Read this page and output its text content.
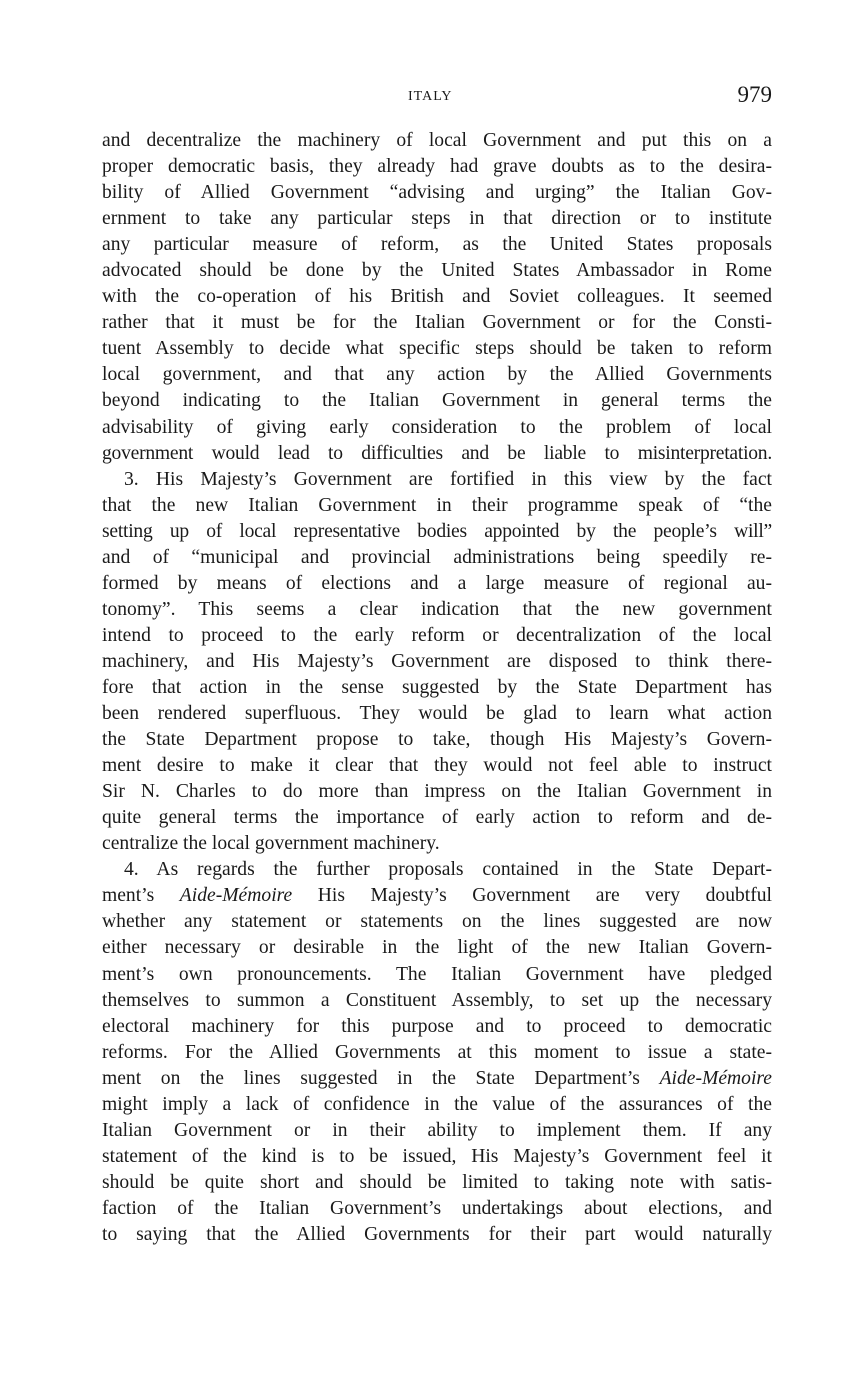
ITALY	979
and decentralize the machinery of local Government and put this on a
proper democratic basis, they already had grave doubts as to the desira-
bility of Allied Government “advising and urging” the Italian Gov-
ernment to take any particular steps in that direction or to institute
any particular measure of reform, as the United States proposals
advocated should be done by the United States Ambassador in Rome
with the co-operation of his British and Soviet colleagues. It seemed
rather that it must be for the Italian Government or for the Consti-
tuent Assembly to decide what specific steps should be taken to reform
local government, and that any action by the Allied Governments
beyond indicating to the Italian Government in general terms the
advisability of giving early consideration to the problem of local
government would lead to difficulties and be liable to misinterpretation.
3. His Majesty’s Government are fortified in this view by the fact
that the new Italian Government in their programme speak of “the
setting up of local representative bodies appointed by the people’s will”
and of “municipal and provincial administrations being speedily re-
formed by means of elections and a large measure of regional au-
tonomy”. This seems a clear indication that the new government
intend to proceed to the early reform or decentralization of the local
machinery, and His Majesty’s Government are disposed to think there-
fore that action in the sense suggested by the State Department has
been rendered superfluous. They would be glad to learn what action
the State Department propose to take, though His Majesty’s Govern-
ment desire to make it clear that they would not feel able to instruct
Sir N. Charles to do more than impress on the Italian Government in
quite general terms the importance of early action to reform and de-
centralize the local government machinery.
4. As regards the further proposals contained in the State Depart-
ment’s Aide-Mémoire His Majesty’s Government are very doubtful
whether any statement or statements on the lines suggested are now
either necessary or desirable in the light of the new Italian Govern-
ment’s own pronouncements. The Italian Government have pledged
themselves to summon a Constituent Assembly, to set up the necessary
electoral machinery for this purpose and to proceed to democratic
reforms. For the Allied Governments at this moment to issue a state-
ment on the lines suggested in the State Department’s Aide-Mémoire
might imply a lack of confidence in the value of the assurances of the
Italian Government or in their ability to implement them. If any
statement of the kind is to be issued, His Majesty’s Government feel it
should be quite short and should be limited to taking note with satis-
faction of the Italian Government’s undertakings about elections, and
to saying that the Allied Governments for their part would naturally
